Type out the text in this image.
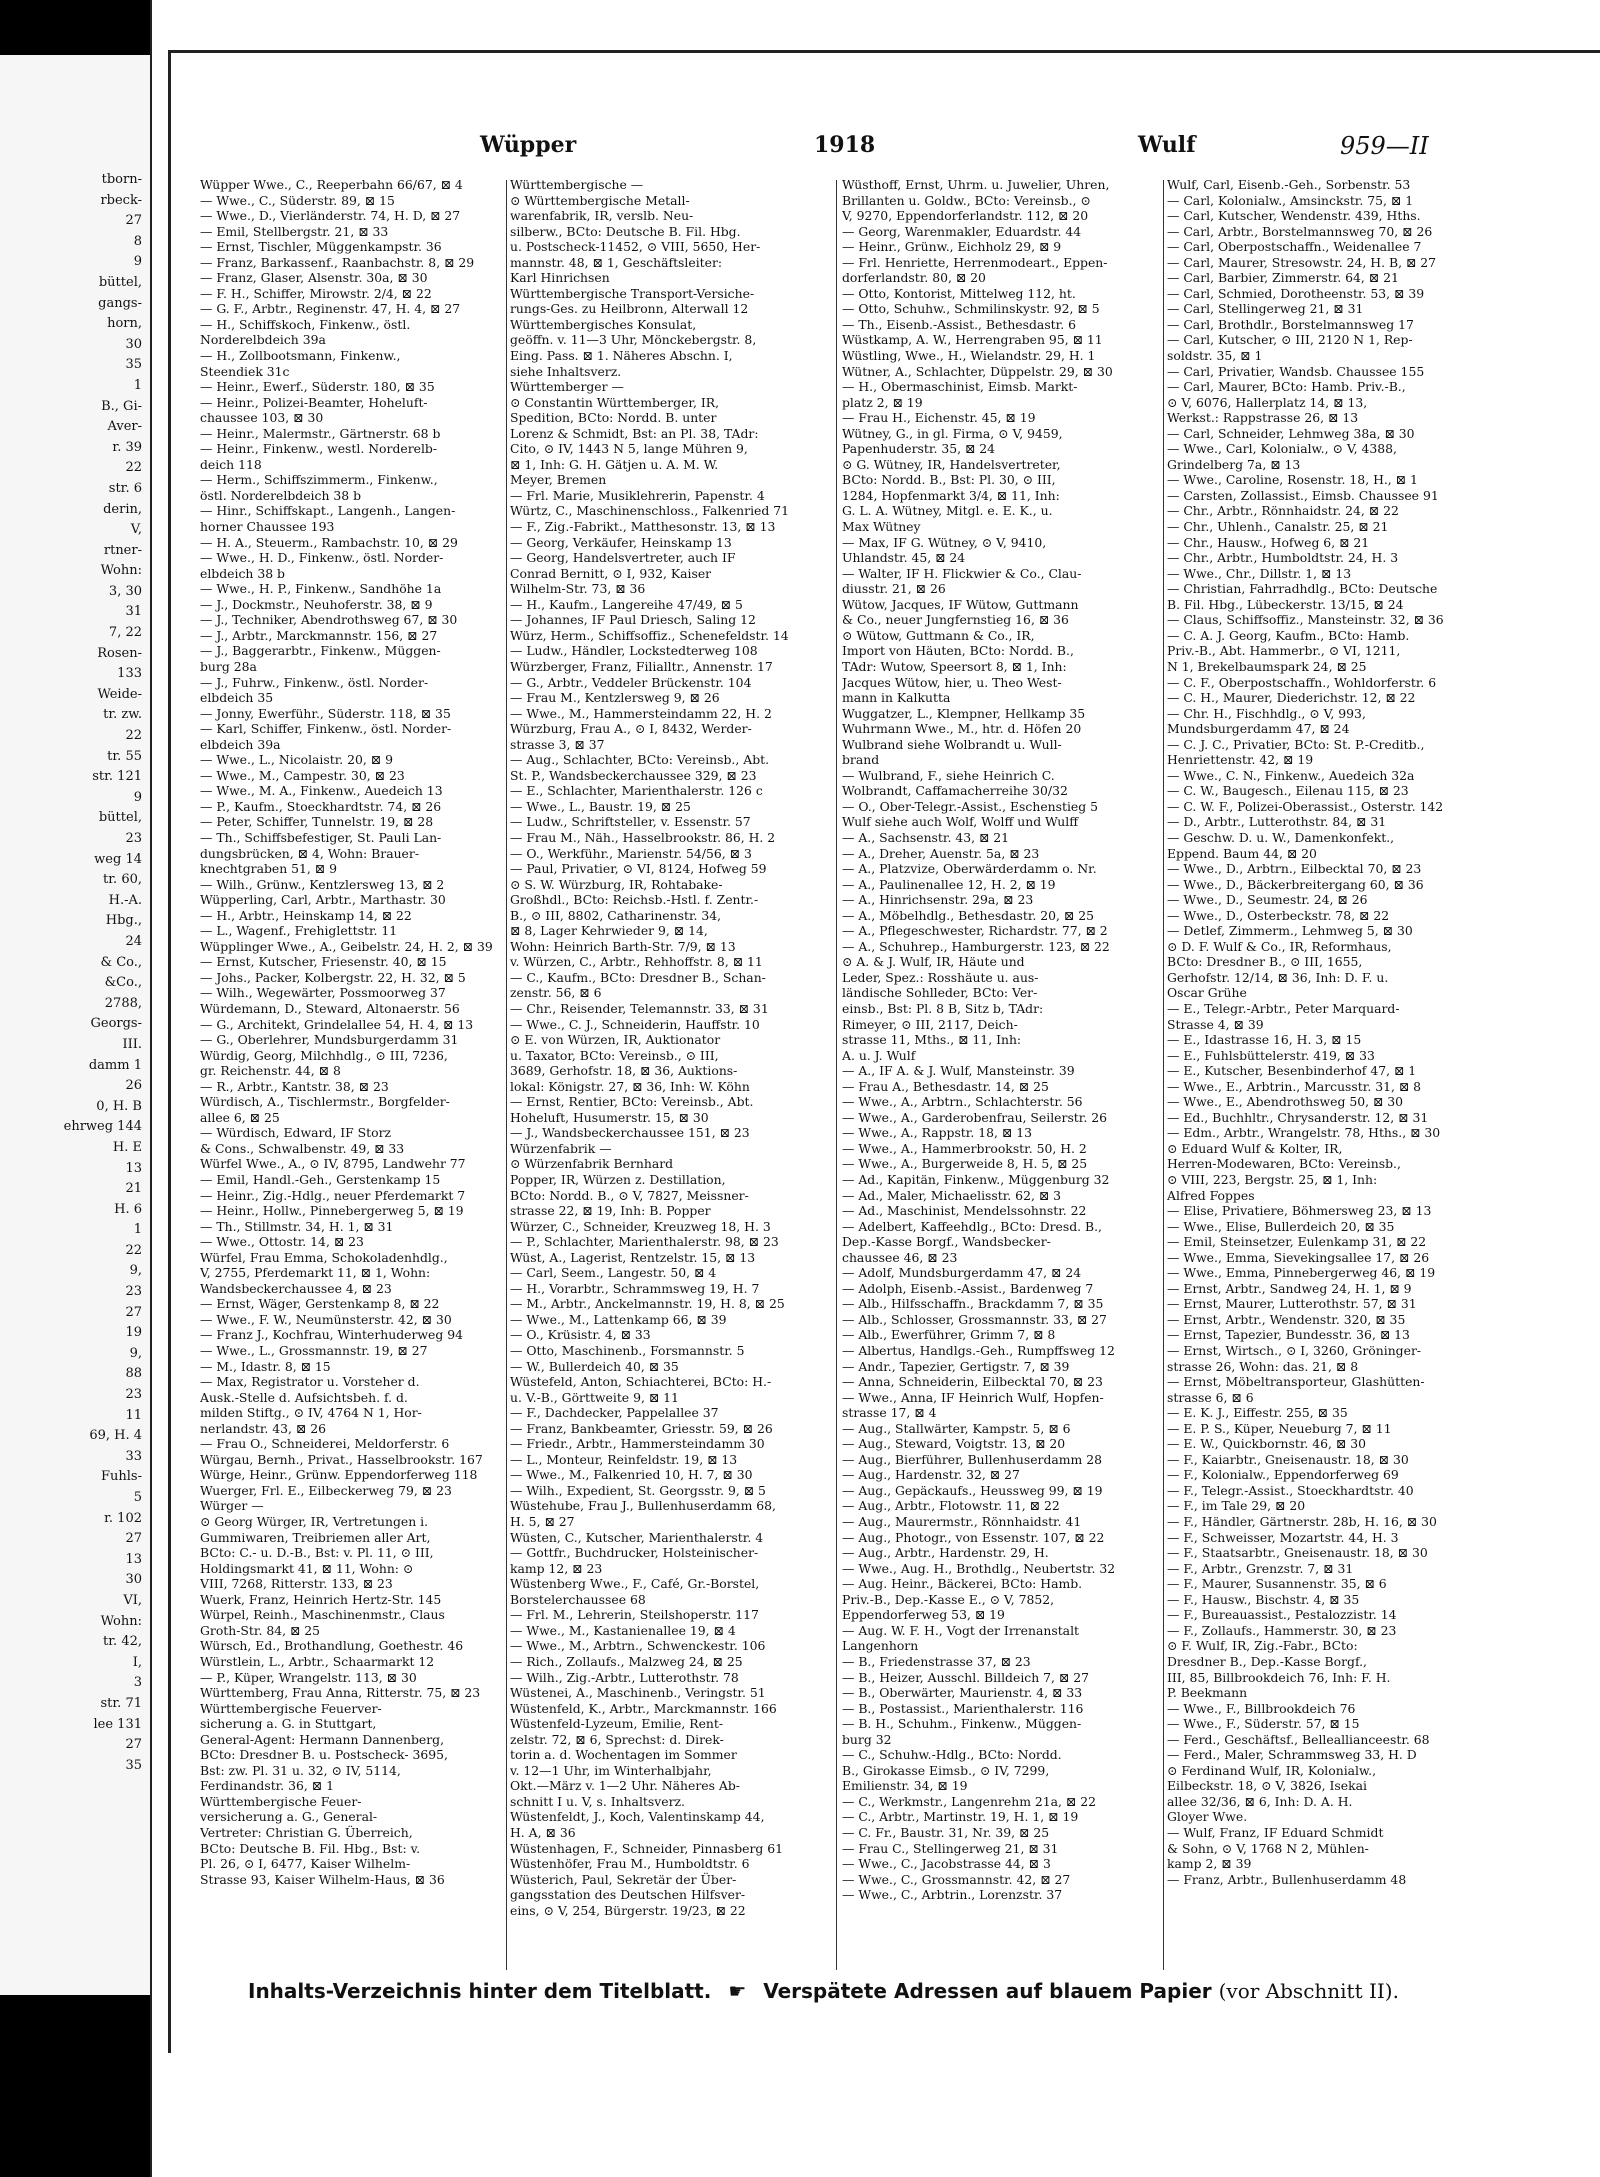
tborn-
rbeck-
27
8
9
büttel,
gangs-
horn,
30
35
1
B., Gi-
Aver-
r. 39
22
str. 6
derin,
V,
rtner-
Wohn:
3, 30
31
7, 22
Rosen-
133
Weide-
tr. zw.
22
tr. 55
str. 121
9
büttel,
23
weg 14
tr. 60,
H.-A.
Hbg.,
24
& Co.,
&Co.,
2788,
Georgs-
III.
damm 1
26
0, H. B
ehrweg 144
H. E
13
21
H. 6
1
22
9,
23
27
19
9,
88
23
11
69, H. 4
33
Fuhls-
5
r. 102
27
13
30
VI,
Wohn:
tr. 42,
I,
3
str. 71
lee 131
27
35
Wüpper	1918	Wulf	959—II
Wüpper Wwe., C., Reeperbahn 66/67, ⊠ 4
— Wwe., C., Süderstr. 89, ⊠ 15
— Wwe., D., Vierländerstr. 74, H. D, ⊠ 27
— Emil, Stellbergstr. 21, ⊠ 33
— Ernst, Tischler, Müggenkampstr. 36
— Franz, Barkassenf., Raanbachstr. 8, ⊠ 29
— Franz, Glaser, Alsenstr. 30a, ⊠ 30
— F. H., Schiffer, Mirowstr. 2/4, ⊠ 22
— G. F., Arbtr., Reginenstr. 47, H. 4, ⊠ 27
— H., Schiffskoch, Finkenw., östl.
Norderelbdeich 39a
— H., Zollbootsmann, Finkenw.,
Steendiek 31c
— Heinr., Ewerf., Süderstr. 180, ⊠ 35
— Heinr., Polizei-Beamter, Hoheluft-
chaussee 103, ⊠ 30
— Heinr., Malermstr., Gärtnerstr. 68 b
— Heinr., Finkenw., westl. Norderelb-
deich 118
— Herm., Schiffszimmerm., Finkenw.,
östl. Norderelbdeich 38 b
— Hinr., Schiffskapt., Langenh., Langen-
horner Chaussee 193
— H. A., Steuerm., Rambachstr. 10, ⊠ 29
— Wwe., H. D., Finkenw., östl. Norder-
elbdeich 38 b
— Wwe., H. P., Finkenw., Sandhöhe 1a
— J., Dockmstr., Neuhoferstr. 38, ⊠ 9
— J., Techniker, Abendrothsweg 67, ⊠ 30
— J., Arbtr., Marckmannstr. 156, ⊠ 27
— J., Baggerarbtr., Finkenw., Müggen-
burg 28a
— J., Fuhrw., Finkenw., östl. Norder-
elbdeich 35
— Jonny, Ewerführ., Süderstr. 118, ⊠ 35
— Karl, Schiffer, Finkenw., östl. Norder-
elbdeich 39a
— Wwe., L., Nicolaistr. 20, ⊠ 9
— Wwe., M., Campestr. 30, ⊠ 23
— Wwe., M. A., Finkenw., Auedeich 13
— P., Kaufm., Stoeckhardtstr. 74, ⊠ 26
— Peter, Schiffer, Tunnelstr. 19, ⊠ 28
— Th., Schiffsbefestiger, St. Pauli Lan-
dungsbrücken, ⊠ 4, Wohn: Brauer-
knechtgraben 51, ⊠ 9
— Wilh., Grünw., Kentzlersweg 13, ⊠ 2
Wüpperling, Carl, Arbtr., Marthastr. 30
— H., Arbtr., Heinskamp 14, ⊠ 22
— L., Wagenf., Frehiglettstr. 11
Wüpplinger Wwe., A., Geibelstr. 24, H. 2, ⊠ 39
— Ernst, Kutscher, Friesenstr. 40, ⊠ 15
— Johs., Packer, Kolbergstr. 22, H. 32, ⊠ 5
— Wilh., Wegewärter, Possmoorweg 37
Würdemann, D., Steward, Altonaerstr. 56
— G., Architekt, Grindelallee 54, H. 4, ⊠ 13
— G., Oberlehrer, Mundsburgerdamm 31
Würdig, Georg, Milchhdlg., ⊙ III, 7236,
gr. Reichenstr. 44, ⊠ 8
— R., Arbtr., Kantstr. 38, ⊠ 23
Würdisch, A., Tischlermstr., Borgfelder-
allee 6, ⊠ 25
— Würdisch, Edward, ⅠF Storz
& Cons., Schwalbenstr. 49, ⊠ 33
Würfel Wwe., A., ⊙ IV, 8795, Landwehr 77
— Emil, Handl.-Geh., Gerstenkamp 15
— Heinr., Zig.-Hdlg., neuer Pferdemarkt 7
— Heinr., Hollw., Pinnebergerweg 5, ⊠ 19
— Th., Stillmstr. 34, H. 1, ⊠ 31
— Wwe., Ottostr. 14, ⊠ 23
Würfel, Frau Emma, Schokoladenhdlg.,
V, 2755, Pferdemarkt 11, ⊠ 1, Wohn:
Wandsbeckerchaussee 4, ⊠ 23
— Ernst, Wäger, Gerstenkamp 8, ⊠ 22
— Wwe., F. W., Neumünsterstr. 42, ⊠ 30
— Franz J., Kochfrau, Winterhuderweg 94
— Wwe., L., Grossmannstr. 19, ⊠ 27
— M., Idastr. 8, ⊠ 15
— Max, Registrator u. Vorsteher d.
Ausk.-Stelle d. Aufsichtsbeh. f. d.
milden Stiftg., ⊙ IV, 4764 N 1, Hor-
nerlandstr. 43, ⊠ 26
— Frau O., Schneiderei, Meldorferstr. 6
Würgau, Bernh., Privat., Hasselbrookstr. 167
Würge, Heinr., Grünw. Eppendorferweg 118
Wuerger, Frl. E., Eilbeckerweg 79, ⊠ 23
Würger —
⊙ Georg Würger, IR, Vertretungen i.
Gummiwaren, Treibriemen aller Art,
BCto: C.- u. D.-B., Bst: v. Pl. 11, ⊙ III,
Holdingsmarkt 41, ⊠ 11, Wohn: ⊙
VIII, 7268, Ritterstr. 133, ⊠ 23
Wuerk, Franz, Heinrich Hertz-Str. 145
Würpel, Reinh., Maschinenmstr., Claus
Groth-Str. 84, ⊠ 25
Würsch, Ed., Brothandlung, Goethestr. 46
Würstlein, L., Arbtr., Schaarmarkt 12
— P., Küper, Wrangelstr. 113, ⊠ 30
Württemberg, Frau Anna, Ritterstr. 75, ⊠ 23
Württembergische Feuerver-
sicherung a. G. in Stuttgart,
General-Agent: Hermann Dannenberg,
BCto: Dresdner B. u. Postscheck- 3695,
Bst: zw. Pl. 31 u. 32, ⊙ IV, 5114,
Ferdinandstr. 36, ⊠ 1
Württembergische Feuer-
versicherung a. G., General-
Vertreter: Christian G. Überreich,
BCto: Deutsche B. Fil. Hbg., Bst: v.
Pl. 26, ⊙ I, 6477, Kaiser Wilhelm-
Strasse 93, Kaiser Wilhelm-Haus, ⊠ 36
Württembergische —
⊙ Württembergische Metall-
warenfabrik, IR, verslb. Neu-
silberw., BCto: Deutsche B. Fil. Hbg.
u. Postscheck-11452, ⊙ VIII, 5650, Her-
mannstr. 48, ⊠ 1, Geschäftsleiter:
Karl Hinrichsen
Württembergische Transport-Versiche-
rungs-Ges. zu Heilbronn, Alterwall 12
Württembergisches Konsulat,
geöffn. v. 11—3 Uhr, Mönckebergstr. 8,
Eing. Pass. ⊠ 1. Näheres Abschn. I,
siehe Inhaltsverz.
Württemberger —
⊙ Constantin Württemberger, IR,
Spedition, BCto: Nordd. B. unter
Lorenz & Schmidt, Bst: an Pl. 38, TAdr:
Cito, ⊙ IV, 1443 N 5, lange Mühren 9,
⊠ 1, Inh: G. H. Gätjen u. A. M. W.
Meyer, Bremen
— Frl. Marie, Musiklehrerin, Papenstr. 4
Würtz, C., Maschinenschloss., Falkenried 71
— F., Zig.-Fabrikt., Matthesonstr. 13, ⊠ 13
— Georg, Verkäufer, Heinskamp 13
— Georg, Handelsvertreter, auch ⅠF
Conrad Bernitt, ⊙ I, 932, Kaiser
Wilhelm-Str. 73, ⊠ 36
— H., Kaufm., Langereihe 47/49, ⊠ 5
— Johannes, ⅠF Paul Driesch, Saling 12
Würz, Herm., Schiffsoffiz., Schenefeldstr. 14
— Ludw., Händler, Lockstedterweg 108
Würzberger, Franz, Filialltr., Annenstr. 17
— G., Arbtr., Veddeler Brückenstr. 104
— Frau M., Kentzlersweg 9, ⊠ 26
— Wwe., M., Hammersteindamm 22, H. 2
Würzburg, Frau A., ⊙ I, 8432, Werder-
strasse 3, ⊠ 37
— Aug., Schlachter, BCto: Vereinsb., Abt.
St. P., Wandsbeckerchaussee 329, ⊠ 23
— E., Schlachter, Marienthalerstr. 126 c
— Wwe., L., Baustr. 19, ⊠ 25
— Ludw., Schriftsteller, v. Essenstr. 57
— Frau M., Näh., Hasselbrookstr. 86, H. 2
— O., Werkführ., Marienstr. 54/56, ⊠ 3
— Paul, Privatier, ⊙ VI, 8124, Hofweg 59
⊙ S. W. Würzburg, IR, Rohtabake-
Großhdl., BCto: Reichsb.-Hstl. f. Zentr.-
B., ⊙ III, 8802, Catharinenstr. 34,
⊠ 8, Lager Kehrwieder 9, ⊠ 14,
Wohn: Heinrich Barth-Str. 7/9, ⊠ 13
v. Würzen, C., Arbtr., Rehhoffstr. 8, ⊠ 11
— C., Kaufm., BCto: Dresdner B., Schan-
zenstr. 56, ⊠ 6
— Chr., Reisender, Telemannstr. 33, ⊠ 31
— Wwe., C. J., Schneiderin, Hauffstr. 10
⊙ E. von Würzen, IR, Auktionator
u. Taxator, BCto: Vereinsb., ⊙ III,
3689, Gerhofstr. 18, ⊠ 36, Auktions-
lokal: Königstr. 27, ⊠ 36, Inh: W. Köhn
— Ernst, Rentier, BCto: Vereinsb., Abt.
Hoheluft, Husumerstr. 15, ⊠ 30
— J., Wandsbeckerchaussee 151, ⊠ 23
Würzenfabrik —
⊙ Würzenfabrik Bernhard
Popper, IR, Würzen z. Destillation,
BCto: Nordd. B., ⊙ V, 7827, Meissner-
strasse 22, ⊠ 19, Inh: B. Popper
Würzer, C., Schneider, Kreuzweg 18, H. 3
— P., Schlachter, Marienthalerstr. 98, ⊠ 23
Wüst, A., Lagerist, Rentzelstr. 15, ⊠ 13
— Carl, Seem., Langestr. 50, ⊠ 4
— H., Vorarbtr., Schrammsweg 19, H. 7
— M., Arbtr., Anckelmannstr. 19, H. 8, ⊠ 25
— Wwe., M., Lattenkamp 66, ⊠ 39
— O., Krüsistr. 4, ⊠ 33
— Otto, Maschinenb., Forsmannstr. 5
— W., Bullerdeich 40, ⊠ 35
Wüstefeld, Anton, Schiachterei, BCto: H.-
u. V.-B., Görttweite 9, ⊠ 11
— F., Dachdecker, Pappelallee 37
— Franz, Bankbeamter, Griesstr. 59, ⊠ 26
— Friedr., Arbtr., Hammersteindamm 30
— L., Monteur, Reinfeldstr. 19, ⊠ 13
— Wwe., M., Falkenried 10, H. 7, ⊠ 30
— Wilh., Expedient, St. Georgsstr. 9, ⊠ 5
Wüstehube, Frau J., Bullenhuserdamm 68,
H. 5, ⊠ 27
Wüsten, C., Kutscher, Marienthalerstr. 4
— Gottfr., Buchdrucker, Holsteinischer-
kamp 12, ⊠ 23
Wüstenberg Wwe., F., Café, Gr.-Borstel,
Borstelerchaussee 68
— Frl. M., Lehrerin, Steilshoperstr. 117
— Wwe., M., Kastanienallee 19, ⊠ 4
— Wwe., M., Arbtrn., Schwenckestr. 106
— Rich., Zollaufs., Malzweg 24, ⊠ 25
— Wilh., Zig.-Arbtr., Lutterothstr. 78
Wüstenei, A., Maschinenb., Veringstr. 51
Wüstenfeld, K., Arbtr., Marckmannstr. 166
Wüstenfeld-Lyzeum, Emilie, Rent-
zelstr. 72, ⊠ 6, Sprechst: d. Direk-
torin a. d. Wochentagen im Sommer
v. 12—1 Uhr, im Winterhalbjahr,
Okt.—März v. 1—2 Uhr. Näheres Ab-
schnitt I u. V, s. Inhaltsverz.
Wüstenfeldt, J., Koch, Valentinskamp 44,
H. A, ⊠ 36
Wüstenhagen, F., Schneider, Pinnasberg 61
Wüstenhöfer, Frau M., Humboldtstr. 6
Wüsterich, Paul, Sekretär der Über-
gangsstation des Deutschen Hilfsver-
eins, ⊙ V, 254, Bürgerstr. 19/23, ⊠ 22
Wüsthoff, Ernst, Uhrm. u. Juwelier, Uhren,
Brillanten u. Goldw., BCto: Vereinsb., ⊙
V, 9270, Eppendorferlandstr. 112, ⊠ 20
— Georg, Warenmakler, Eduardstr. 44
— Heinr., Grünw., Eichholz 29, ⊠ 9
— Frl. Henriette, Herrenmodeart., Eppen-
dorferlandstr. 80, ⊠ 20
— Otto, Kontorist, Mittelweg 112, ht.
— Otto, Schuhw., Schmilinskystr. 92, ⊠ 5
— Th., Eisenb.-Assist., Bethesdastr. 6
Wüstkamp, A. W., Herrengraben 95, ⊠ 11
Wüstling, Wwe., H., Wielandstr. 29, H. 1
Wütner, A., Schlachter, Düppelstr. 29, ⊠ 30
— H., Obermaschinist, Eimsb. Markt-
platz 2, ⊠ 19
— Frau H., Eichenstr. 45, ⊠ 19
Wütney, G., in gl. Firma, ⊙ V, 9459,
Papenhuderstr. 35, ⊠ 24
⊙ G. Wütney, IR, Handelsvertreter,
BCto: Nordd. B., Bst: Pl. 30, ⊙ III,
1284, Hopfenmarkt 3/4, ⊠ 11, Inh:
G. L. A. Wütney, Mitgl. e. E. K., u.
Max Wütney
— Max, ⅠF G. Wütney, ⊙ V, 9410,
Uhlandstr. 45, ⊠ 24
— Walter, ⅠF H. Flickwier & Co., Clau-
diusstr. 21, ⊠ 26
Wütow, Jacques, ⅠF Wütow, Guttmann
& Co., neuer Jungfernstieg 16, ⊠ 36
⊙ Wütow, Guttmann & Co., IR,
Import von Häuten, BCto: Nordd. B.,
TAdr: Wutow, Speersort 8, ⊠ 1, Inh:
Jacques Wütow, hier, u. Theo West-
mann in Kalkutta
Wuggatzer, L., Klempner, Hellkamp 35
Wuhrmann Wwe., M., htr. d. Höfen 20
Wulbrand siehe Wolbrandt u. Wull-
brand
— Wulbrand, F., siehe Heinrich C.
Wolbrandt, Caffamacherreihe 30/32
— O., Ober-Telegr.-Assist., Eschenstieg 5
Wulf siehe auch Wolf, Wolff und Wulff
— A., Sachsenstr. 43, ⊠ 21
— A., Dreher, Auenstr. 5a, ⊠ 23
— A., Platzvize, Oberwärderdamm o. Nr.
— A., Paulinenallee 12, H. 2, ⊠ 19
— A., Hinrichsenstr. 29a, ⊠ 23
— A., Möbelhdlg., Bethesdastr. 20, ⊠ 25
— A., Pflegeschwester, Richardstr. 77, ⊠ 2
— A., Schuhrep., Hamburgerstr. 123, ⊠ 22
⊙ A. & J. Wulf, IR, Häute und
Leder, Spez.: Rosshäute u. aus-
ländische Sohlleder, BCto: Ver-
einsb., Bst: Pl. 8 B, Sitz b, TAdr:
Rimeyer, ⊙ III, 2117, Deich-
strasse 11, Mths., ⊠ 11, Inh:
A. u. J. Wulf
— A., ⅠF A. & J. Wulf, Mansteinstr. 39
— Frau A., Bethesdastr. 14, ⊠ 25
— Wwe., A., Arbtrn., Schlachterstr. 56
— Wwe., A., Garderobenfrau, Seilerstr. 26
— Wwe., A., Rappstr. 18, ⊠ 13
— Wwe., A., Hammerbrookstr. 50, H. 2
— Wwe., A., Burgerweide 8, H. 5, ⊠ 25
— Ad., Kapitän, Finkenw., Müggenburg 32
— Ad., Maler, Michaelisstr. 62, ⊠ 3
— Ad., Maschinist, Mendelssohnstr. 22
— Adelbert, Kaffeehdlg., BCto: Dresd. B.,
Dep.-Kasse Borgf., Wandsbecker-
chaussee 46, ⊠ 23
— Adolf, Mundsburgerdamm 47, ⊠ 24
— Adolph, Eisenb.-Assist., Bardenweg 7
— Alb., Hilfsschaffn., Brackdamm 7, ⊠ 35
— Alb., Schlosser, Grossmannstr. 33, ⊠ 27
— Alb., Ewerführer, Grimm 7, ⊠ 8
— Albertus, Handlgs.-Geh., Rumpffsweg 12
— Andr., Tapezier, Gertigstr. 7, ⊠ 39
— Anna, Schneiderin, Eilbecktal 70, ⊠ 23
— Wwe., Anna, ⅠF Heinrich Wulf, Hopfen-
strasse 17, ⊠ 4
— Aug., Stallwärter, Kampstr. 5, ⊠ 6
— Aug., Steward, Voigtstr. 13, ⊠ 20
— Aug., Bierführer, Bullenhuserdamm 28
— Aug., Hardenstr. 32, ⊠ 27
— Aug., Gepäckaufs., Heussweg 99, ⊠ 19
— Aug., Arbtr., Flotowstr. 11, ⊠ 22
— Aug., Maurermstr., Rönnhaidstr. 41
— Aug., Photogr., von Essenstr. 107, ⊠ 22
— Aug., Arbtr., Hardenstr. 29, H.
— Wwe., Aug. H., Brothdlg., Neubertstr. 32
— Aug. Heinr., Bäckerei, BCto: Hamb.
Priv.-B., Dep.-Kasse E., ⊙ V, 7852,
Eppendorferweg 53, ⊠ 19
— Aug. W. F. H., Vogt der Irrenanstalt
Langenhorn
— B., Friedenstrasse 37, ⊠ 23
— B., Heizer, Ausschl. Billdeich 7, ⊠ 27
— B., Oberwärter, Maurienstr. 4, ⊠ 33
— B., Postassist., Marienthalerstr. 116
— B. H., Schuhm., Finkenw., Müggen-
burg 32
— C., Schuhw.-Hdlg., BCto: Nordd.
B., Girokasse Eimsb., ⊙ IV, 7299,
Emilienstr. 34, ⊠ 19
— C., Werkmstr., Langenrehm 21a, ⊠ 22
— C., Arbtr., Martinstr. 19, H. 1, ⊠ 19
— C. Fr., Baustr. 31, Nr. 39, ⊠ 25
— Frau C., Stellingerweg 21, ⊠ 31
— Wwe., C., Jacobstrasse 44, ⊠ 3
— Wwe., C., Grossmannstr. 42, ⊠ 27
— Wwe., C., Arbtrin., Lorenzstr. 37
Wulf, Carl, Eisenb.-Geh., Sorbenstr. 53
— Carl, Kolonialw., Amsinckstr. 75, ⊠ 1
— Carl, Kutscher, Wendenstr. 439, Hths.
— Carl, Arbtr., Borstelmannsweg 70, ⊠ 26
— Carl, Oberpostschaffn., Weidenallee 7
— Carl, Maurer, Stresowstr. 24, H. B, ⊠ 27
— Carl, Barbier, Zimmerstr. 64, ⊠ 21
— Carl, Schmied, Dorotheenstr. 53, ⊠ 39
— Carl, Stellingerweg 21, ⊠ 31
— Carl, Brothdlr., Borstelmannsweg 17
— Carl, Kutscher, ⊙ III, 2120 N 1, Rep-
soldstr. 35, ⊠ 1
— Carl, Privatier, Wandsb. Chaussee 155
— Carl, Maurer, BCto: Hamb. Priv.-B.,
⊙ V, 6076, Hallerplatz 14, ⊠ 13,
Werkst.: Rappstrasse 26, ⊠ 13
— Carl, Schneider, Lehmweg 38a, ⊠ 30
— Wwe., Carl, Kolonialw., ⊙ V, 4388,
Grindelberg 7a, ⊠ 13
— Wwe., Caroline, Rosenstr. 18, H., ⊠ 1
— Carsten, Zollassist., Eimsb. Chaussee 91
— Chr., Arbtr., Rönnhaidstr. 24, ⊠ 22
— Chr., Uhlenh., Canalstr. 25, ⊠ 21
— Chr., Hausw., Hofweg 6, ⊠ 21
— Chr., Arbtr., Humboldtstr. 24, H. 3
— Wwe., Chr., Dillstr. 1, ⊠ 13
— Christian, Fahrradhdlg., BCto: Deutsche
B. Fil. Hbg., Lübeckerstr. 13/15, ⊠ 24
— Claus, Schiffsoffiz., Mansteinstr. 32, ⊠ 36
— C. A. J. Georg, Kaufm., BCto: Hamb.
Priv.-B., Abt. Hammerbr., ⊙ VI, 1211,
N 1, Brekelbaumspark 24, ⊠ 25
— C. F., Oberpostschaffn., Wohldorferstr. 6
— C. H., Maurer, Diederichstr. 12, ⊠ 22
— Chr. H., Fischhdlg., ⊙ V, 993,
Mundsburgerdamm 47, ⊠ 24
— C. J. C., Privatier, BCto: St. P.-Creditb.,
Henriettenstr. 42, ⊠ 19
— Wwe., C. N., Finkenw., Auedeich 32a
— C. W., Baugesch., Eilenau 115, ⊠ 23
— C. W. F., Polizei-Oberassist., Osterstr. 142
— D., Arbtr., Lutterothstr. 84, ⊠ 31
— Geschw. D. u. W., Damenkonfekt.,
Eppend. Baum 44, ⊠ 20
— Wwe., D., Arbtrn., Eilbecktal 70, ⊠ 23
— Wwe., D., Bäckerbreitergang 60, ⊠ 36
— Wwe., D., Seumestr. 24, ⊠ 26
— Wwe., D., Osterbeckstr. 78, ⊠ 22
— Detlef, Zimmerm., Lehmweg 5, ⊠ 30
⊙ D. F. Wulf & Co., IR, Reformhaus,
BCto: Dresdner B., ⊙ III, 1655,
Gerhofstr. 12/14, ⊠ 36, Inh: D. F. u.
Oscar Grühe
— E., Telegr.-Arbtr., Peter Marquard-
Strasse 4, ⊠ 39
— E., Idastrasse 16, H. 3, ⊠ 15
— E., Fuhlsbüttelerstr. 419, ⊠ 33
— E., Kutscher, Besenbinderhof 47, ⊠ 1
— Wwe., E., Arbtrin., Marcusstr. 31, ⊠ 8
— Wwe., E., Abendrothsweg 50, ⊠ 30
— Ed., Buchhltr., Chrysanderstr. 12, ⊠ 31
— Edm., Arbtr., Wrangelstr. 78, Hths., ⊠ 30
⊙ Eduard Wulf & Kolter, IR,
Herren-Modewaren, BCto: Vereinsb.,
⊙ VIII, 223, Bergstr. 25, ⊠ 1, Inh:
Alfred Foppes
— Elise, Privatiere, Böhmersweg 23, ⊠ 13
— Wwe., Elise, Bullerdeich 20, ⊠ 35
— Emil, Steinsetzer, Eulenkamp 31, ⊠ 22
— Wwe., Emma, Sievekingsallee 17, ⊠ 26
— Wwe., Emma, Pinnebergerweg 46, ⊠ 19
— Ernst, Arbtr., Sandweg 24, H. 1, ⊠ 9
— Ernst, Maurer, Lutterothstr. 57, ⊠ 31
— Ernst, Arbtr., Wendenstr. 320, ⊠ 35
— Ernst, Tapezier, Bundesstr. 36, ⊠ 13
— Ernst, Wirtsch., ⊙ I, 3260, Gröninger-
strasse 26, Wohn: das. 21, ⊠ 8
— Ernst, Möbeltransporteur, Glashütten-
strasse 6, ⊠ 6
— E. K. J., Eiffestr. 255, ⊠ 35
— E. P. S., Küper, Neueburg 7, ⊠ 11
— E. W., Quickbornstr. 46, ⊠ 30
— F., Kaiarbtr., Gneisenaustr. 18, ⊠ 30
— F., Kolonialw., Eppendorferweg 69
— F., Telegr.-Assist., Stoeckhardtstr. 40
— F., im Tale 29, ⊠ 20
— F., Händler, Gärtnerstr. 28b, H. 16, ⊠ 30
— F., Schweisser, Mozartstr. 44, H. 3
— F., Staatsarbtr., Gneisenaustr. 18, ⊠ 30
— F., Arbtr., Grenzstr. 7, ⊠ 31
— F., Maurer, Susannenstr. 35, ⊠ 6
— F., Hausw., Bischstr. 4, ⊠ 35
— F., Bureauassist., Pestalozzistr. 14
— F., Zollaufs., Hammerstr. 30, ⊠ 23
⊙ F. Wulf, IR, Zig.-Fabr., BCto:
Dresdner B., Dep.-Kasse Borgf.,
III, 85, Billbrookdeich 76, Inh: F. H.
P. Beekmann
— Wwe., F., Billbrookdeich 76
— Wwe., F., Süderstr. 57, ⊠ 15
— Ferd., Geschäftsf., Belleallianceestr. 68
— Ferd., Maler, Schrammsweg 33, H. D
⊙ Ferdinand Wulf, IR, Kolonialw.,
Eilbeckstr. 18, ⊙ V, 3826, Isekai
allee 32/36, ⊠ 6, Inh: D. A. H.
Gloyer Wwe.
— Wulf, Franz, ⅠF Eduard Schmidt
& Sohn, ⊙ V, 1768 N 2, Mühlen-
kamp 2, ⊠ 39
— Franz, Arbtr., Bullenhuserdamm 48
Inhalts-Verzeichnis hinter dem Titelblatt. ☛ Verspätete Adressen auf blauem Papier (vor Abschnitt II).
